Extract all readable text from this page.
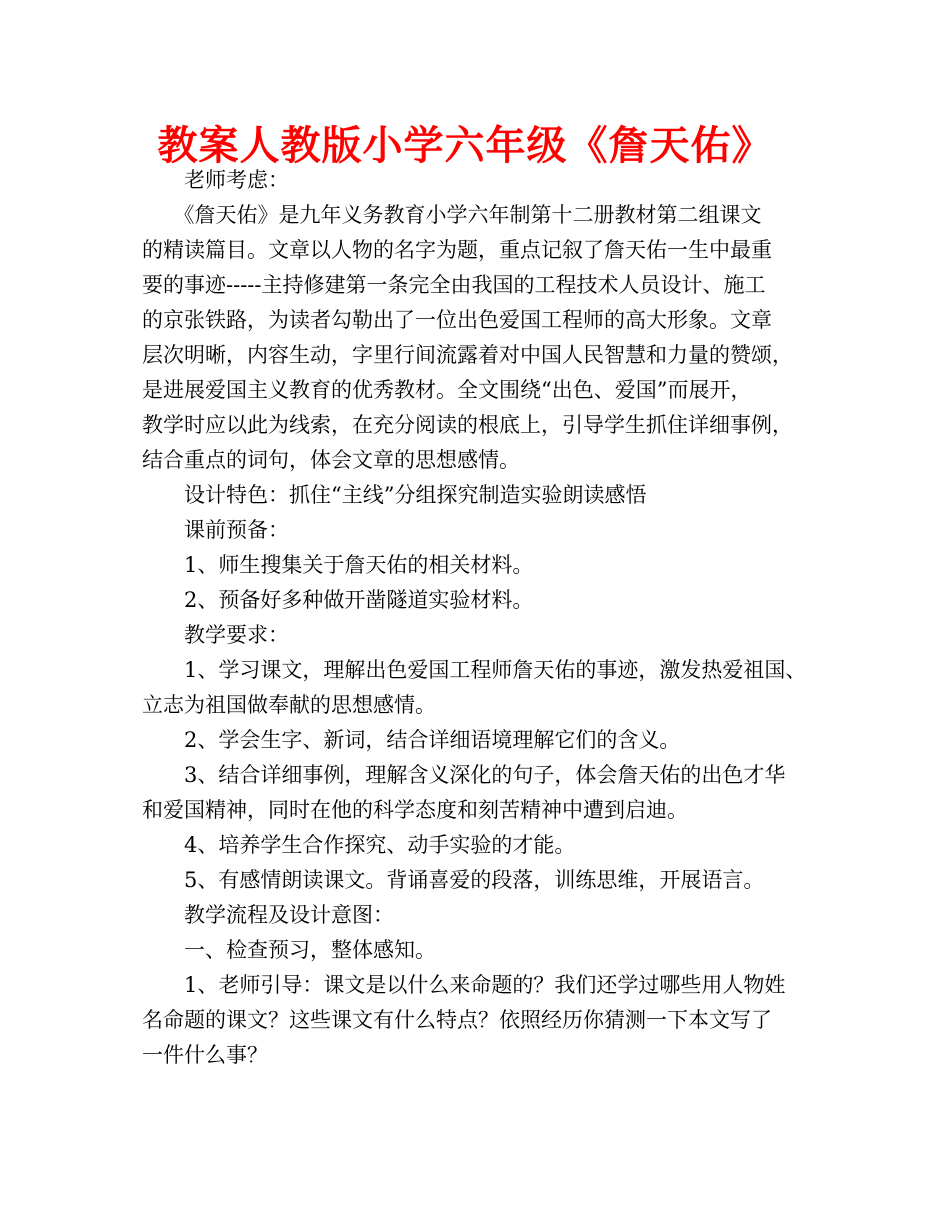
教案人教版小学六年级《詹天佑》
老师考虑：
　　《詹天佑》是九年义务教育小学六年制第十二册教材第二组课文
的精读篇目。文章以人物的名字为题，重点记叙了詹天佑一生中最重
要的事迹-----主持修建第一条完全由我国的工程技术人员设计、施工
的京张铁路，为读者勾勒出了一位出色爱国工程师的高大形象。文章
层次明晰，内容生动，字里行间流露着对中国人民智慧和力量的赞颂，
是进展爱国主义教育的优秀教材。全文围绕“出色、爱国”而展开，
教学时应以此为线索，在充分阅读的根底上，引导学生抓住详细事例，
结合重点的词句，体会文章的思想感情。
设计特色：抓住“主线”分组探究制造实验朗读感悟
课前预备：
1、师生搜集关于詹天佑的相关材料。
2、预备好多种做开凿隧道实验材料。
教学要求：
　　1、学习课文，理解出色爱国工程师詹天佑的事迹，激发热爱祖国、
立志为祖国做奉献的思想感情。
2、学会生字、新词，结合详细语境理解它们的含义。
　　3、结合详细事例，理解含义深化的句子，体会詹天佑的出色才华
和爱国精神，同时在他的科学态度和刻苦精神中遭到启迪。
4、培养学生合作探究、动手实验的才能。
5、有感情朗读课文。背诵喜爱的段落，训练思维，开展语言。
教学流程及设计意图：
一、检查预习，整体感知。
　　1、老师引导：课文是以什么来命题的？我们还学过哪些用人物姓
名命题的课文？这些课文有什么特点？依照经历你猜测一下本文写了
一件什么事？
